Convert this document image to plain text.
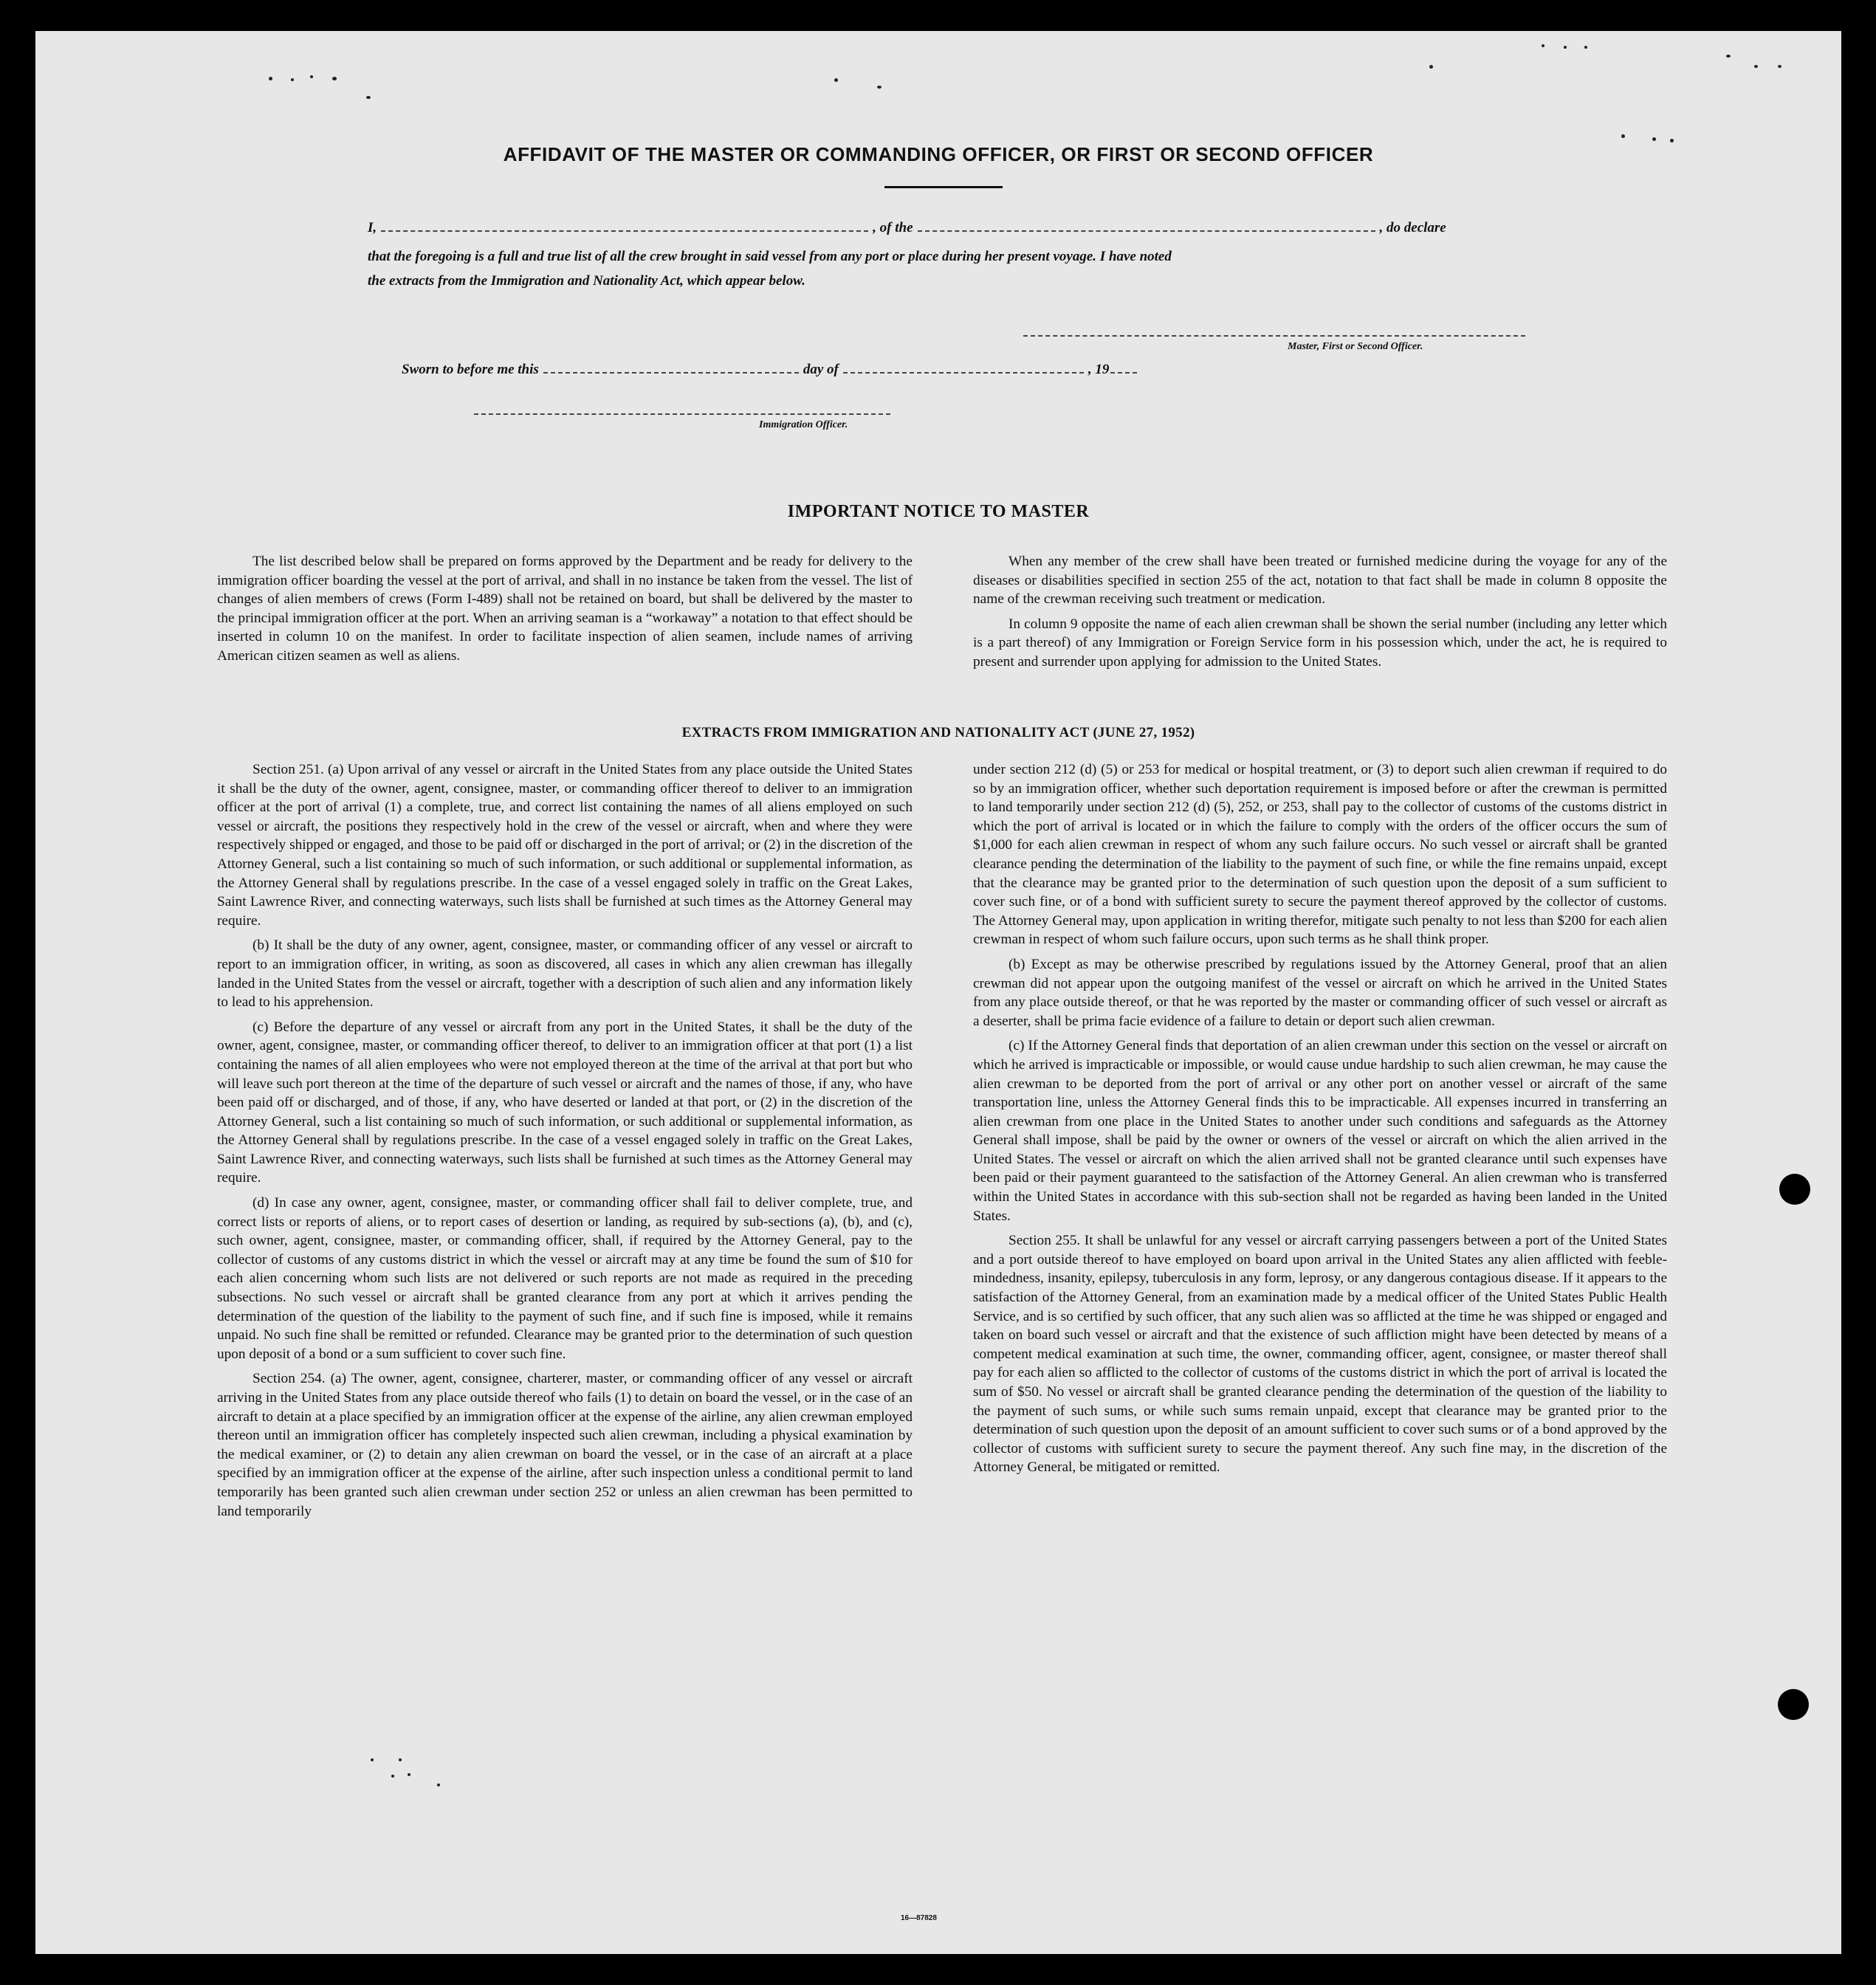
AFFIDAVIT OF THE MASTER OR COMMANDING OFFICER, OR FIRST OR SECOND OFFICER
I,	, of the	, do declare
that the foregoing is a full and true list of all the crew brought in said vessel from any port or place during her present voyage. I have noted
the extracts from the Immigration and Nationality Act, which appear below.
Master, First or Second Officer.
Sworn to before me this	day of	, 19
Immigration Officer.
IMPORTANT NOTICE TO MASTER

The list described below shall be prepared on forms approved by the Department and be ready for delivery to the immigration officer boarding the vessel at the port of arrival, and shall in no instance be taken from the vessel. The list of changes of alien members of crews (Form I-489) shall not be retained on board, but shall be delivered by the master to the principal immigration officer at the port. When an arriving seaman is a “workaway” a notation to that effect should be inserted in column 10 on the manifest. In order to facilitate inspection of alien seamen, include names of arriving American citizen seamen as well as aliens.

When any member of the crew shall have been treated or furnished medicine during the voyage for any of the diseases or disabilities specified in section 255 of the act, notation to that fact shall be made in column 8 opposite the name of the crewman receiving such treatment or medication.

In column 9 opposite the name of each alien crewman shall be shown the serial number (including any letter which is a part thereof) of any Immigration or Foreign Service form in his possession which, under the act, he is required to present and surrender upon applying for admission to the United States.

EXTRACTS FROM IMMIGRATION AND NATIONALITY ACT (JUNE 27, 1952)

Section 251. (a) Upon arrival of any vessel or aircraft in the United States from any place outside the United States it shall be the duty of the owner, agent, consignee, master, or commanding officer thereof to deliver to an immigration officer at the port of arrival (1) a complete, true, and correct list containing the names of all aliens employed on such vessel or aircraft, the positions they respectively hold in the crew of the vessel or aircraft, when and where they were respectively shipped or engaged, and those to be paid off or discharged in the port of arrival; or (2) in the discretion of the Attorney General, such a list containing so much of such information, or such additional or supplemental information, as the Attorney General shall by regulations prescribe. In the case of a vessel engaged solely in traffic on the Great Lakes, Saint Lawrence River, and connecting waterways, such lists shall be furnished at such times as the Attorney General may require.

(b) It shall be the duty of any owner, agent, consignee, master, or commanding officer of any vessel or aircraft to report to an immigration officer, in writing, as soon as discovered, all cases in which any alien crewman has illegally landed in the United States from the vessel or aircraft, together with a description of such alien and any information likely to lead to his apprehension.

(c) Before the departure of any vessel or aircraft from any port in the United States, it shall be the duty of the owner, agent, consignee, master, or commanding officer thereof, to deliver to an immigration officer at that port (1) a list containing the names of all alien employees who were not employed thereon at the time of the arrival at that port but who will leave such port thereon at the time of the departure of such vessel or aircraft and the names of those, if any, who have been paid off or discharged, and of those, if any, who have deserted or landed at that port, or (2) in the discretion of the Attorney General, such a list containing so much of such information, or such additional or supplemental information, as the Attorney General shall by regulations prescribe. In the case of a vessel engaged solely in traffic on the Great Lakes, Saint Lawrence River, and connecting waterways, such lists shall be furnished at such times as the Attorney General may require.

(d) In case any owner, agent, consignee, master, or commanding officer shall fail to deliver complete, true, and correct lists or reports of aliens, or to report cases of desertion or landing, as required by sub-sections (a), (b), and (c), such owner, agent, consignee, master, or commanding officer, shall, if required by the Attorney General, pay to the collector of customs of any customs district in which the vessel or aircraft may at any time be found the sum of $10 for each alien concerning whom such lists are not delivered or such reports are not made as required in the preceding subsections. No such vessel or aircraft shall be granted clearance from any port at which it arrives pending the determination of the question of the liability to the payment of such fine, and if such fine is imposed, while it remains unpaid. No such fine shall be remitted or refunded. Clearance may be granted prior to the determination of such question upon deposit of a bond or a sum sufficient to cover such fine.

Section 254. (a) The owner, agent, consignee, charterer, master, or commanding officer of any vessel or aircraft arriving in the United States from any place outside thereof who fails (1) to detain on board the vessel, or in the case of an aircraft to detain at a place specified by an immigration officer at the expense of the airline, any alien crewman employed thereon until an immigration officer has completely inspected such alien crewman, including a physical examination by the medical examiner, or (2) to detain any alien crewman on board the vessel, or in the case of an aircraft at a place specified by an immigration officer at the expense of the airline, after such inspection unless a conditional permit to land temporarily has been granted such alien crewman under section 252 or unless an alien crewman has been permitted to land temporarily

under section 212 (d) (5) or 253 for medical or hospital treatment, or (3) to deport such alien crewman if required to do so by an immigration officer, whether such deportation requirement is imposed before or after the crewman is permitted to land temporarily under section 212 (d) (5), 252, or 253, shall pay to the collector of customs of the customs district in which the port of arrival is located or in which the failure to comply with the orders of the officer occurs the sum of $1,000 for each alien crewman in respect of whom any such failure occurs. No such vessel or aircraft shall be granted clearance pending the determination of the liability to the payment of such fine, or while the fine remains unpaid, except that the clearance may be granted prior to the determination of such question upon the deposit of a sum sufficient to cover such fine, or of a bond with sufficient surety to secure the payment thereof approved by the collector of customs. The Attorney General may, upon application in writing therefor, mitigate such penalty to not less than $200 for each alien crewman in respect of whom such failure occurs, upon such terms as he shall think proper.

(b) Except as may be otherwise prescribed by regulations issued by the Attorney General, proof that an alien crewman did not appear upon the outgoing manifest of the vessel or aircraft on which he arrived in the United States from any place outside thereof, or that he was reported by the master or commanding officer of such vessel or aircraft as a deserter, shall be prima facie evidence of a failure to detain or deport such alien crewman.

(c) If the Attorney General finds that deportation of an alien crewman under this section on the vessel or aircraft on which he arrived is impracticable or impossible, or would cause undue hardship to such alien crewman, he may cause the alien crewman to be deported from the port of arrival or any other port on another vessel or aircraft of the same transportation line, unless the Attorney General finds this to be impracticable. All expenses incurred in transferring an alien crewman from one place in the United States to another under such conditions and safeguards as the Attorney General shall impose, shall be paid by the owner or owners of the vessel or aircraft on which the alien arrived in the United States. The vessel or aircraft on which the alien arrived shall not be granted clearance until such expenses have been paid or their payment guaranteed to the satisfaction of the Attorney General. An alien crewman who is transferred within the United States in accordance with this sub-section shall not be regarded as having been landed in the United States.

Section 255. It shall be unlawful for any vessel or aircraft carrying passengers between a port of the United States and a port outside thereof to have employed on board upon arrival in the United States any alien afflicted with feeble-mindedness, insanity, epilepsy, tuberculosis in any form, leprosy, or any dangerous contagious disease. If it appears to the satisfaction of the Attorney General, from an examination made by a medical officer of the United States Public Health Service, and is so certified by such officer, that any such alien was so afflicted at the time he was shipped or engaged and taken on board such vessel or aircraft and that the existence of such affliction might have been detected by means of a competent medical examination at such time, the owner, commanding officer, agent, consignee, or master thereof shall pay for each alien so afflicted to the collector of customs of the customs district in which the port of arrival is located the sum of $50. No vessel or aircraft shall be granted clearance pending the determination of the question of the liability to the payment of such sums, or while such sums remain unpaid, except that clearance may be granted prior to the determination of such question upon the deposit of an amount sufficient to cover such sums or of a bond approved by the collector of customs with sufficient surety to secure the payment thereof. Any such fine may, in the discretion of the Attorney General, be mitigated or remitted.

16—87828
